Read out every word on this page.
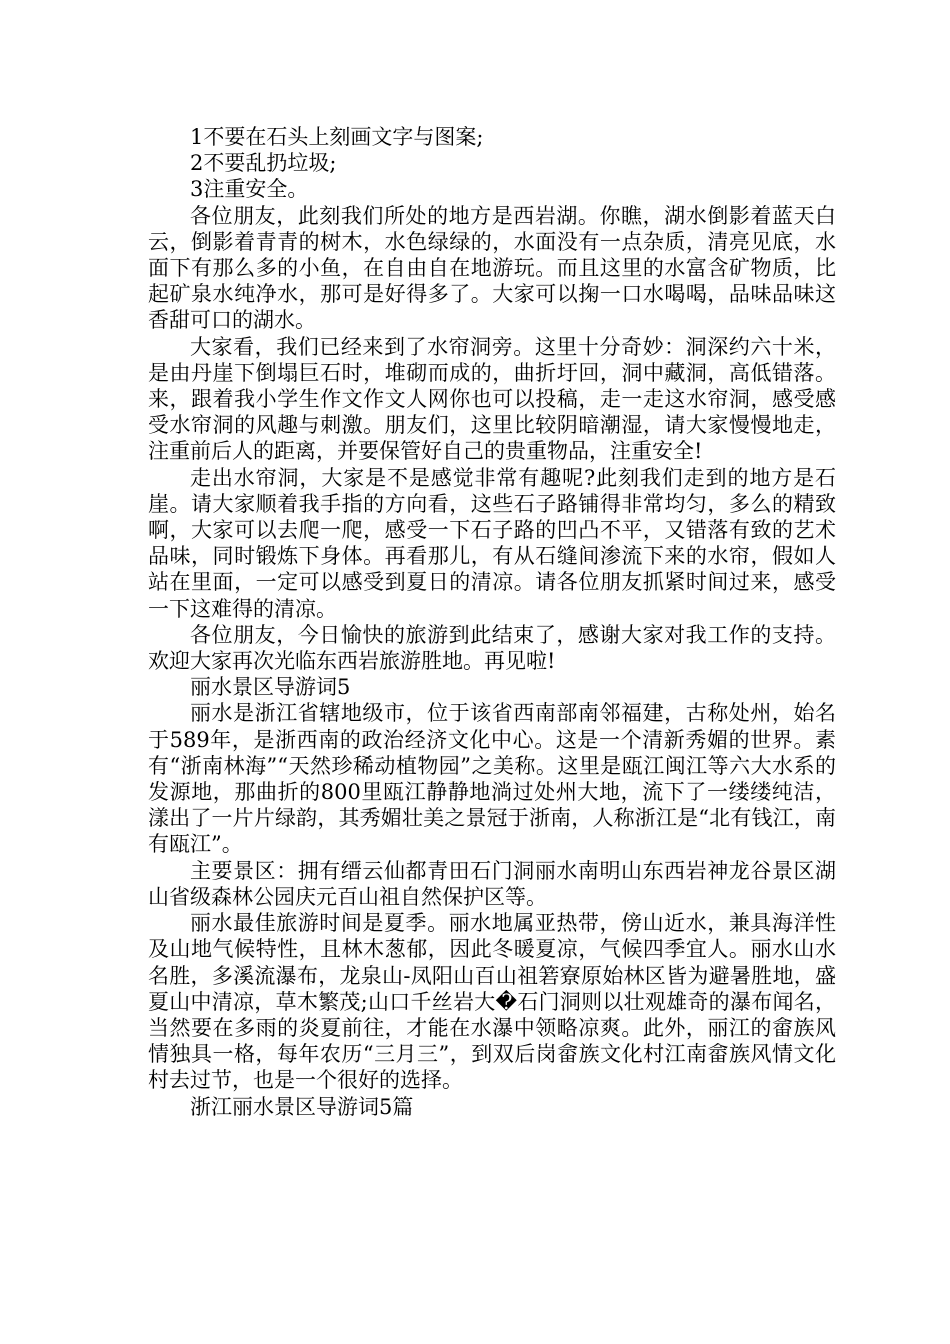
1不要在石头上刻画文字与图案;

2不要乱扔垃圾;

3注重安全。

各位朋友，此刻我们所处的地方是西岩湖。你瞧，湖水倒影着蓝天白云，倒影着青青的树木，水色绿绿的，水面没有一点杂质，清亮见底，水面下有那么多的小鱼，在自由自在地游玩。而且这里的水富含矿物质，比起矿泉水纯净水，那可是好得多了。大家可以掬一口水喝喝，品味品味这香甜可口的湖水。

大家看，我们已经来到了水帘洞旁。这里十分奇妙：洞深约六十米，是由丹崖下倒塌巨石时，堆砌而成的，曲折圩回，洞中藏洞，高低错落。来，跟着我小学生作文作文人网你也可以投稿，走一走这水帘洞，感受感受水帘洞的风趣与刺激。朋友们，这里比较阴暗潮湿，请大家慢慢地走，注重前后人的距离，并要保管好自己的贵重物品，注重安全!

走出水帘洞，大家是不是感觉非常有趣呢?此刻我们走到的地方是石崖。请大家顺着我手指的方向看，这些石子路铺得非常均匀，多么的精致啊，大家可以去爬一爬，感受一下石子路的凹凸不平，又错落有致的艺术品味，同时锻炼下身体。再看那儿，有从石缝间渗流下来的水帘，假如人站在里面，一定可以感受到夏日的清凉。请各位朋友抓紧时间过来，感受一下这难得的清凉。

各位朋友，今日愉快的旅游到此结束了，感谢大家对我工作的支持。欢迎大家再次光临东西岩旅游胜地。再见啦!

丽水景区导游词5

丽水是浙江省辖地级市，位于该省西南部南邻福建，古称处州，始名于589年，是浙西南的政治经济文化中心。这是一个清新秀媚的世界。素有“浙南林海”“天然珍稀动植物园”之美称。这里是瓯江闽江等六大水系的发源地，那曲折的800里瓯江静静地淌过处州大地，流下了一缕缕纯洁，漾出了一片片绿韵，其秀媚壮美之景冠于浙南，人称浙江是“北有钱江，南有瓯江”。

主要景区：拥有缙云仙都青田石门洞丽水南明山东西岩神龙谷景区湖山省级森林公园庆元百山祖自然保护区等。

丽水最佳旅游时间是夏季。丽水地属亚热带，傍山近水，兼具海洋性及山地气候特性，且林木葱郁，因此冬暖夏凉，气候四季宜人。丽水山水名胜，多溪流瀑布，龙泉山-凤阳山百山祖箬寮原始林区皆为避暑胜地，盛夏山中清凉，草木繁茂;山口千丝岩大�石门洞则以壮观雄奇的瀑布闻名，当然要在多雨的炎夏前往，才能在水瀑中领略凉爽。此外，丽江的畲族风情独具一格，每年农历“三月三”，到双后岗畲族文化村江南畲族风情文化村去过节，也是一个很好的选择。

浙江丽水景区导游词5篇
